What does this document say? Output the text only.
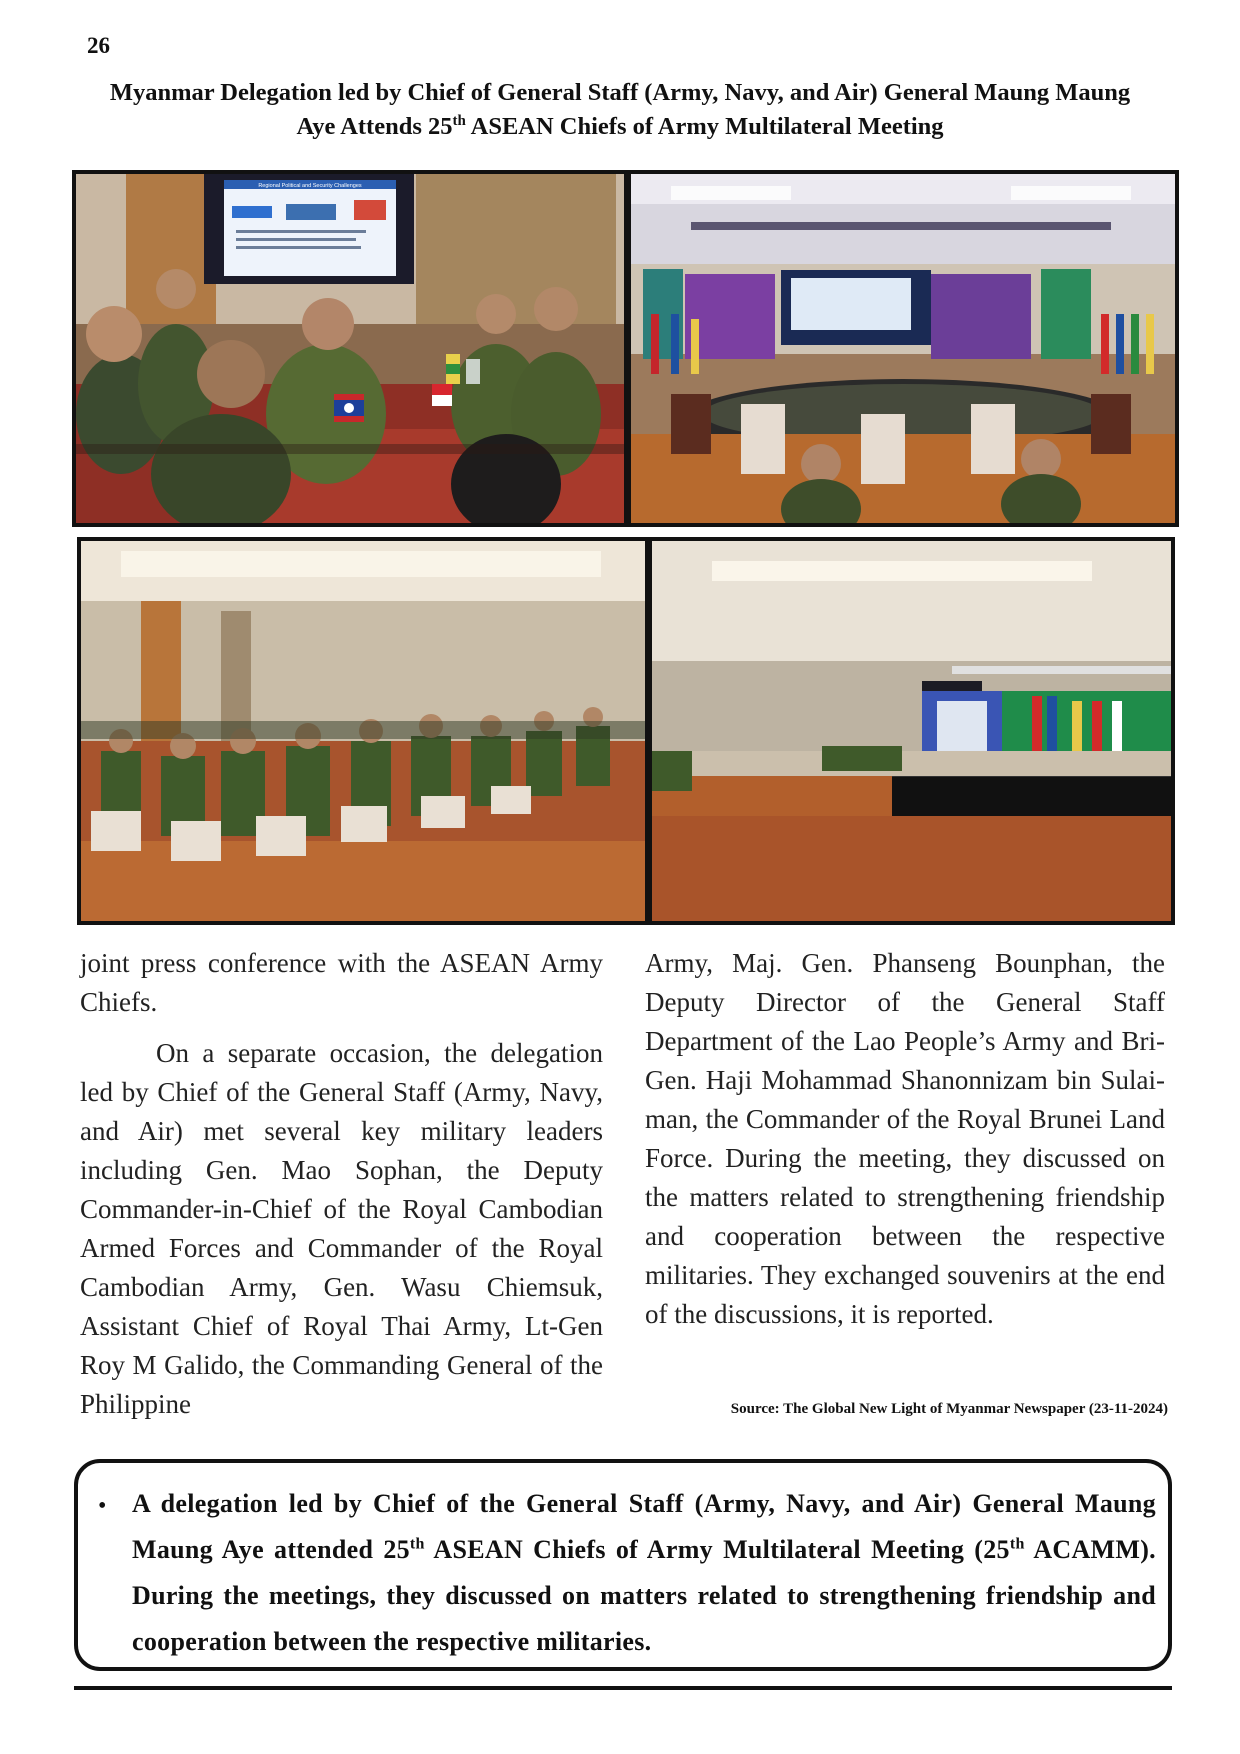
26
Myanmar Delegation led by Chief of General Staff (Army, Navy, and Air) General Maung Maung
Aye Attends 25th ASEAN Chiefs of Army Multilateral Meeting
Regional Political and Security Challenges

joint press conference with the ASEAN Army Chiefs.

On a separate occasion, the delegation led by Chief of the General Staff (Army, Navy, and Air) met several key military leaders including Gen. Mao Sophan, the Deputy Commander-in-Chief of the Royal Cambodian Armed Forces and Commander of the Royal Cambodian Army, Gen. Wasu Chiemsuk, Assistant Chief of Royal Thai Army, Lt-Gen Roy M Galido, the Commanding General of the Philippine

Army, Maj. Gen. Phanseng Bounphan, the Deputy Director of the General Staff Department of the Lao People’s Army and Bri-Gen. Haji Mohammad Shanonnizam bin Sulai-man, the Commander of the Royal Brunei Land Force. During the meeting, they discussed on the matters related to strengthening friendship and cooperation between the respective militaries. They exchanged souvenirs at the end of the discussions, it is reported.

Source: The Global New Light of Myanmar Newspaper (23-11-2024)
• A delegation led by Chief of the General Staff (Army, Navy, and Air) General Maung Maung Aye attended 25th ASEAN Chiefs of Army Multilateral Meeting (25th ACAMM). During the meetings, they discussed on matters related to strengthening friendship and cooperation between the respective militaries.
